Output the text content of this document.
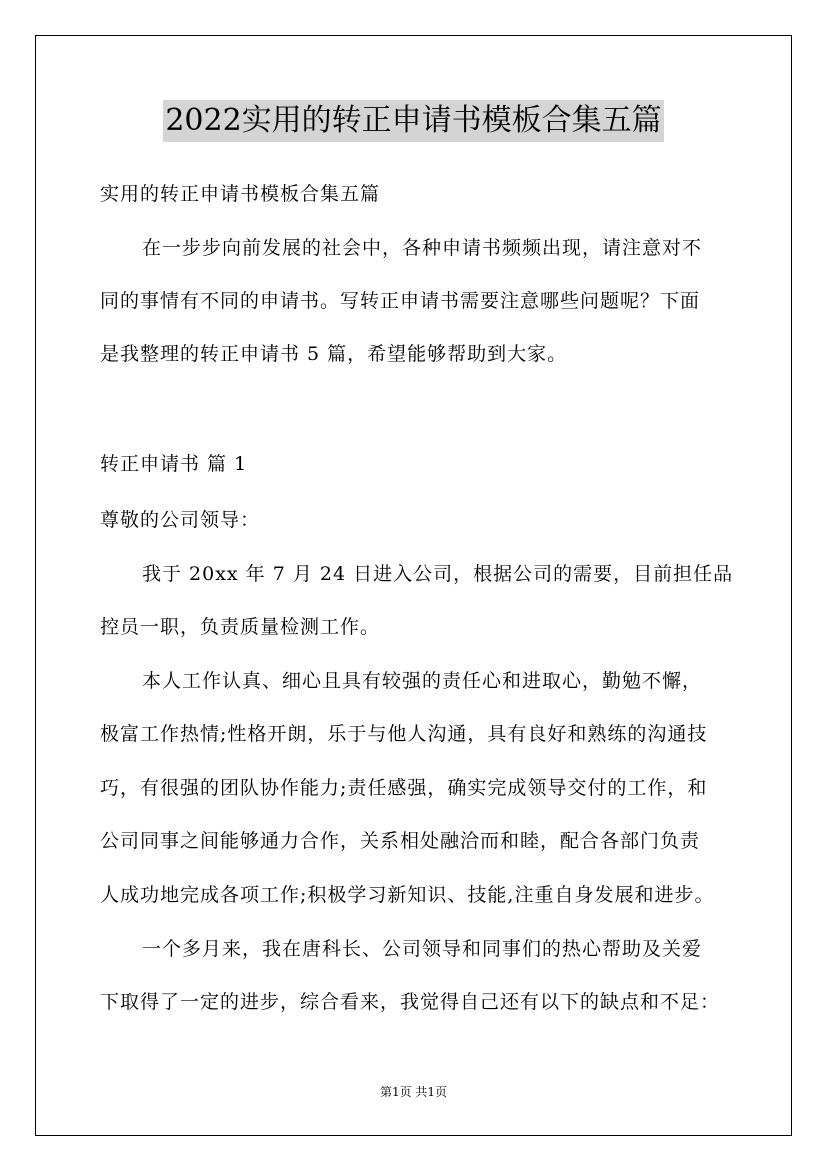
2022实用的转正申请书模板合集五篇
实用的转正申请书模板合集五篇
在一步步向前发展的社会中，各种申请书频频出现，请注意对不
同的事情有不同的申请书。写转正申请书需要注意哪些问题呢？下面
是我整理的转正申请书 5 篇，希望能够帮助到大家。
转正申请书 篇 1
尊敬的公司领导：
我于 20xx 年 7 月 24 日进入公司，根据公司的需要，目前担任品
控员一职，负责质量检测工作。
本人工作认真、细心且具有较强的责任心和进取心，勤勉不懈，
极富工作热情;性格开朗，乐于与他人沟通，具有良好和熟练的沟通技
巧，有很强的团队协作能力;责任感强，确实完成领导交付的工作，和
公司同事之间能够通力合作，关系相处融洽而和睦，配合各部门负责
人成功地完成各项工作;积极学习新知识、技能,注重自身发展和进步。
一个多月来，我在唐科长、公司领导和同事们的热心帮助及关爱
下取得了一定的进步，综合看来，我觉得自己还有以下的缺点和不足：
第1页 共1页
